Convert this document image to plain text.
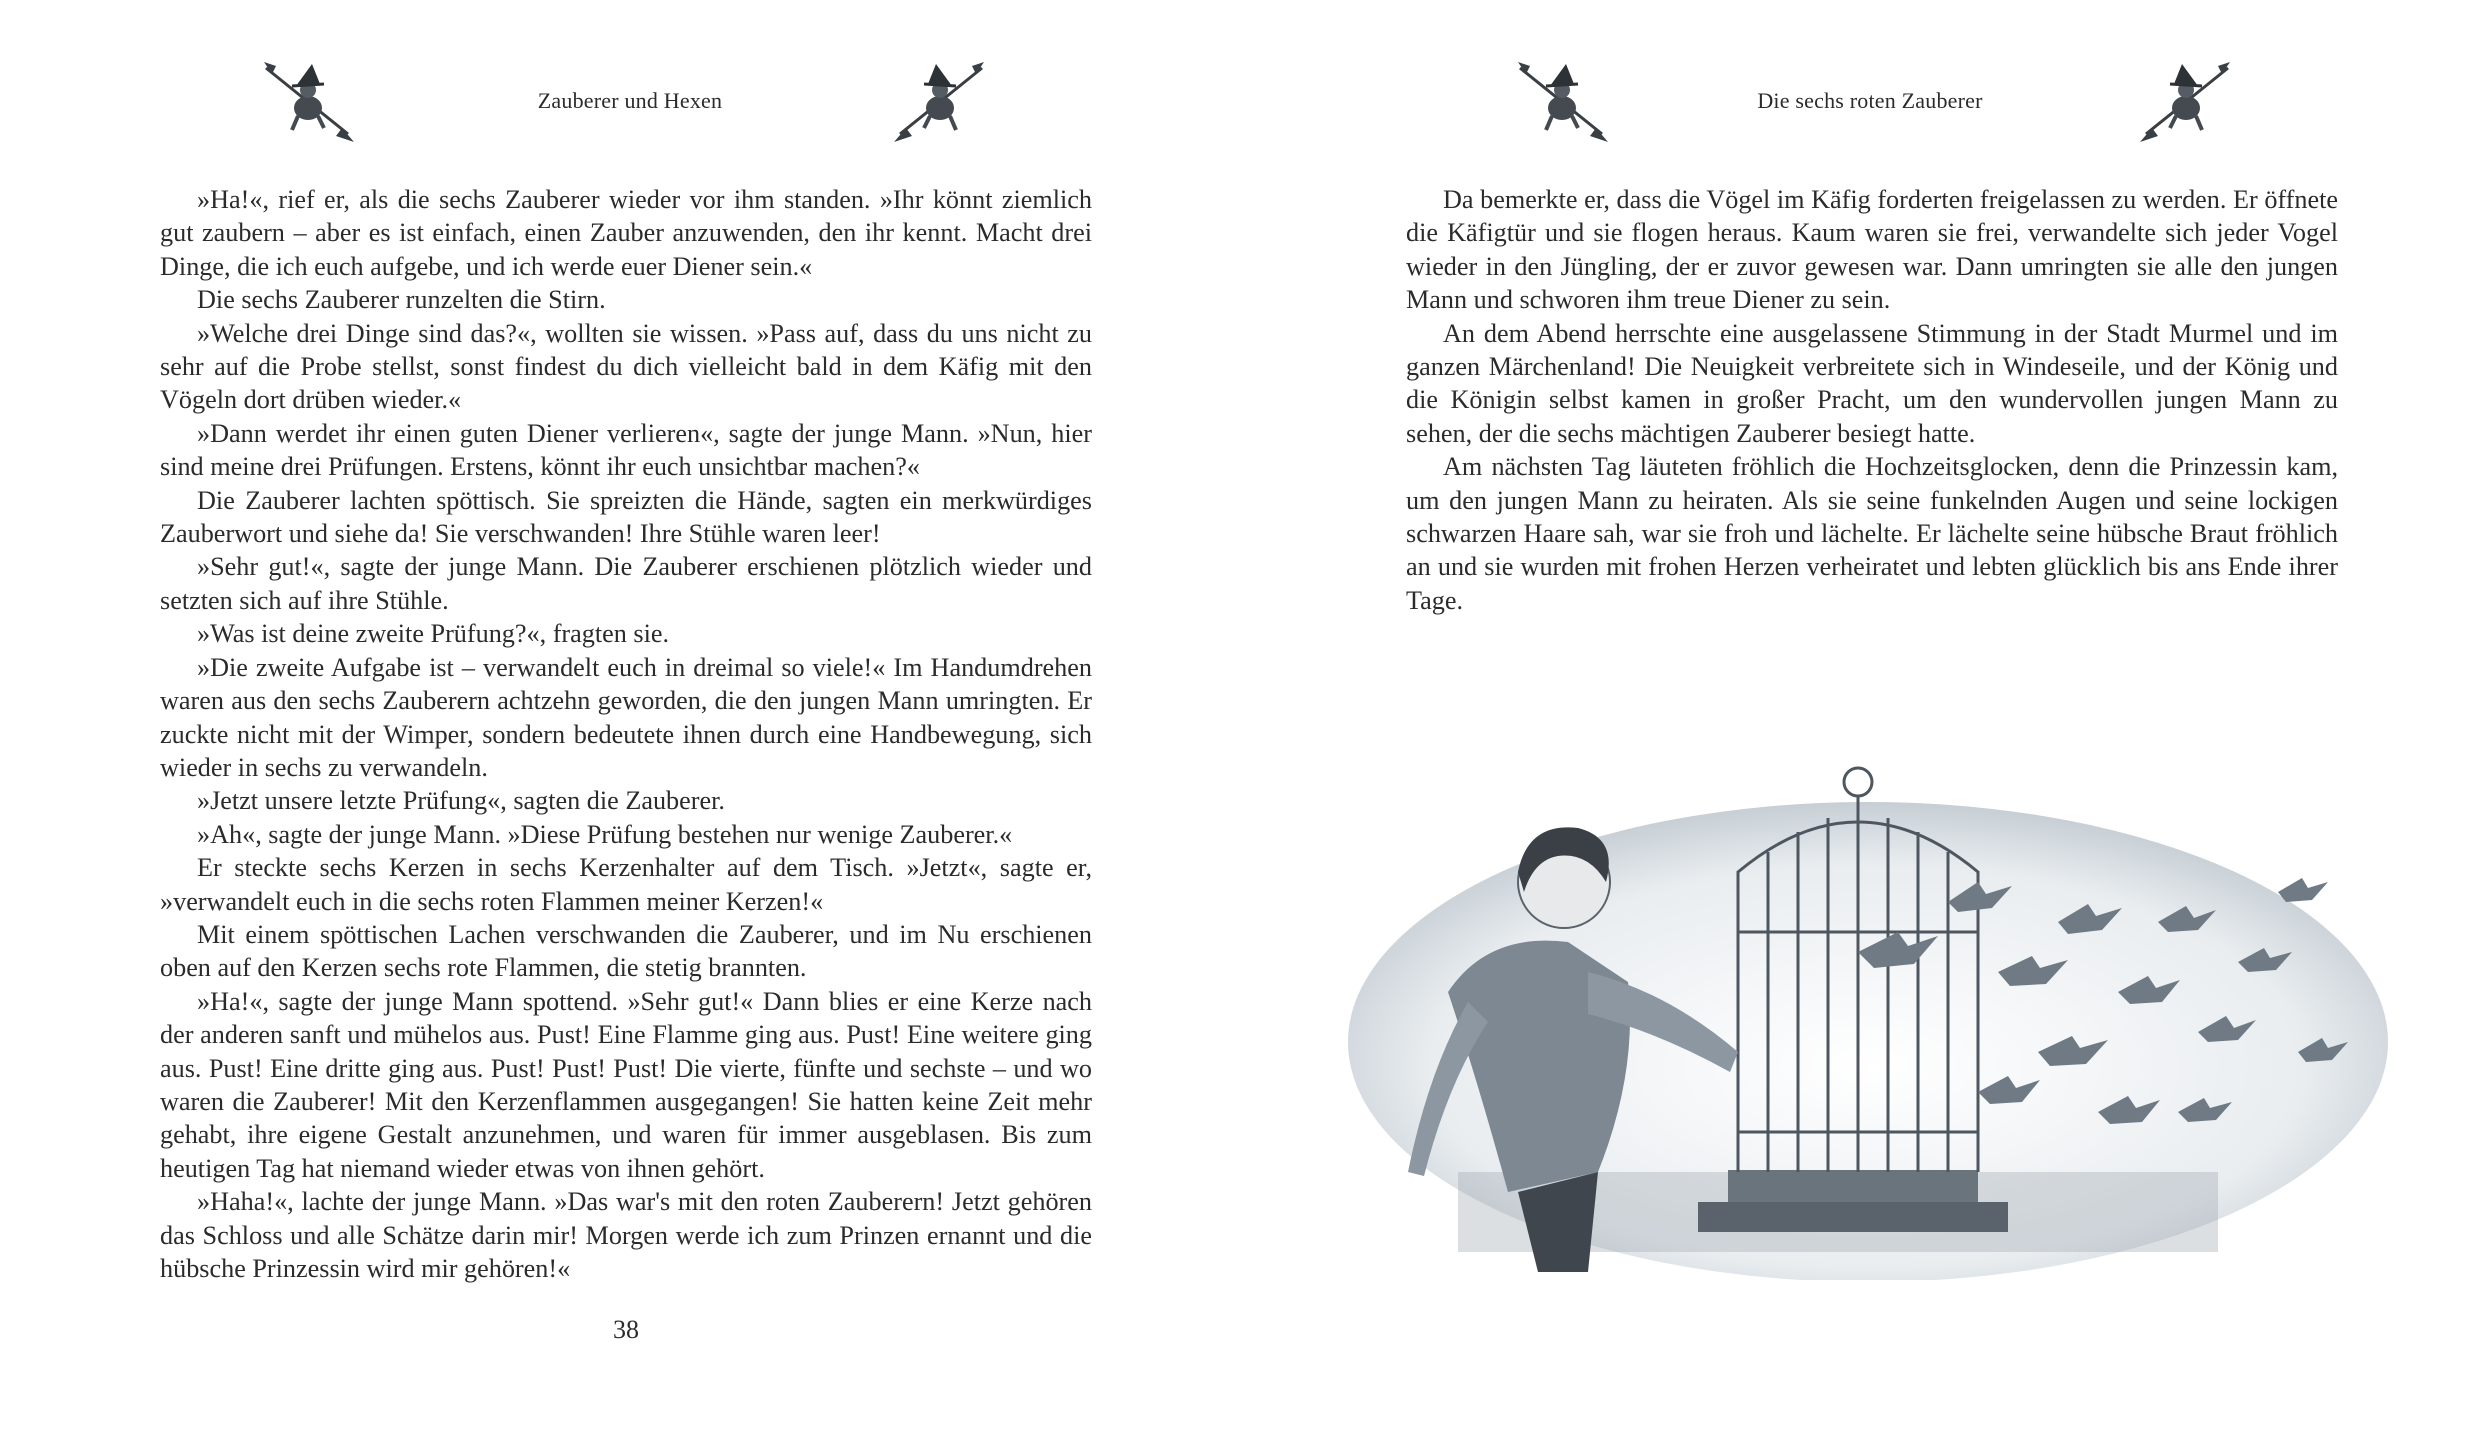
Zauberer und Hexen

»Ha!«, rief er, als die sechs Zauberer wieder vor ihm standen. »Ihr könnt ziemlich gut zaubern – aber es ist einfach, einen Zauber anzuwenden, den ihr kennt. Macht drei Dinge, die ich euch aufgebe, und ich werde euer Diener sein.«

Die sechs Zauberer runzelten die Stirn.

»Welche drei Dinge sind das?«, wollten sie wissen. »Pass auf, dass du uns nicht zu sehr auf die Probe stellst, sonst findest du dich vielleicht bald in dem Käfig mit den Vögeln dort drüben wieder.«

»Dann werdet ihr einen guten Diener verlieren«, sagte der junge Mann. »Nun, hier sind meine drei Prüfungen. Erstens, könnt ihr euch unsichtbar machen?«

Die Zauberer lachten spöttisch. Sie spreizten die Hände, sagten ein merkwürdiges Zauberwort und siehe da! Sie verschwanden! Ihre Stühle waren leer!

»Sehr gut!«, sagte der junge Mann. Die Zauberer erschienen plötzlich wieder und setzten sich auf ihre Stühle.

»Was ist deine zweite Prüfung?«, fragten sie.

»Die zweite Aufgabe ist – verwandelt euch in dreimal so viele!« Im Handumdrehen waren aus den sechs Zauberern achtzehn geworden, die den jungen Mann umringten. Er zuckte nicht mit der Wimper, sondern bedeutete ihnen durch eine Handbewegung, sich wieder in sechs zu verwandeln.

»Jetzt unsere letzte Prüfung«, sagten die Zauberer.

»Ah«, sagte der junge Mann. »Diese Prüfung bestehen nur wenige Zauberer.«

Er steckte sechs Kerzen in sechs Kerzenhalter auf dem Tisch. »Jetzt«, sagte er, »verwandelt euch in die sechs roten Flammen meiner Kerzen!«

Mit einem spöttischen Lachen verschwanden die Zauberer, und im Nu erschienen oben auf den Kerzen sechs rote Flammen, die stetig brannten.

»Ha!«, sagte der junge Mann spottend. »Sehr gut!« Dann blies er eine Kerze nach der anderen sanft und mühelos aus. Pust! Eine Flamme ging aus. Pust! Eine weitere ging aus. Pust! Eine dritte ging aus. Pust! Pust! Pust! Die vierte, fünfte und sechste – und wo waren die Zauberer! Mit den Kerzenflammen ausgegangen! Sie hatten keine Zeit mehr gehabt, ihre eigene Gestalt anzunehmen, und waren für immer ausgeblasen. Bis zum heutigen Tag hat niemand wieder etwas von ihnen gehört.

»Haha!«, lachte der junge Mann. »Das war's mit den roten Zauberern! Jetzt gehören das Schloss und alle Schätze darin mir! Morgen werde ich zum Prinzen ernannt und die hübsche Prinzessin wird mir gehören!«

38
Die sechs roten Zauberer

Da bemerkte er, dass die Vögel im Käfig forderten freigelassen zu werden. Er öffnete die Käfigtür und sie flogen heraus. Kaum waren sie frei, verwandelte sich jeder Vogel wieder in den Jüngling, der er zuvor gewesen war. Dann umringten sie alle den jungen Mann und schworen ihm treue Diener zu sein.

An dem Abend herrschte eine ausgelassene Stimmung in der Stadt Murmel und im ganzen Märchenland! Die Neuigkeit verbreitete sich in Windeseile, und der König und die Königin selbst kamen in großer Pracht, um den wundervollen jungen Mann zu sehen, der die sechs mächtigen Zauberer besiegt hatte.

Am nächsten Tag läuteten fröhlich die Hochzeitsglocken, denn die Prinzessin kam, um den jungen Mann zu heiraten. Als sie seine funkelnden Augen und seine lockigen schwarzen Haare sah, war sie froh und lächelte. Er lächelte seine hübsche Braut fröhlich an und sie wurden mit frohen Herzen verheiratet und lebten glücklich bis ans Ende ihrer Tage.
